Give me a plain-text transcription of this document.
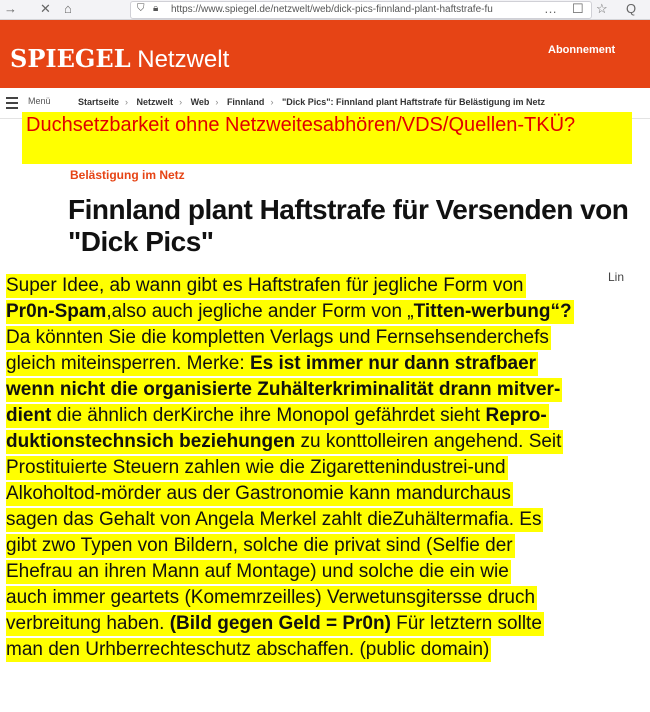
→ ✕ ⌂	⛉ 🔒︎ https://www.spiegel.de/netzwelt/web/dick-pics-finnland-plant-haftstrafe-fu	… ☐ ☆ Q
SPIEGEL Netzwelt	Abonnement
Menü	Startseite › Netzwelt › Web › Finnland › "Dick Pics": Finnland plant Haftstrafe für Belästigung im Netz
Duchsetzbarkeit ohne Netzweitesabhören/VDS/Quellen-TKÜ?
Belästigung im Netz
Finnland plant Haftstrafe für Versenden von
"Dick Pics"
Lin
Super Idee, ab wann gibt es Haftstrafen für jegliche Form von
Pr0n-Spam,also auch jegliche ander Form von „Titten-werbung“?
Da könnten Sie die kompletten Verlags und Fernsehsenderchefs
gleich miteinsperren. Merke: Es ist immer nur dann strafbaer
wenn nicht die organisierte Zuhälterkriminalität drann mitver-
dient die ähnlich derKirche ihre Monopol gefährdet sieht Repro-
duktionstechnsich beziehungen zu konttolleiren angehend. Seit
Prostituierte Steuern zahlen wie die Zigarettenindustrei-und
Alkoholtod-mörder aus der Gastronomie kann mandurchaus
sagen das Gehalt von Angela Merkel zahlt dieZuhältermafia. Es
gibt zwo Typen von Bildern, solche die privat sind (Selfie der
Ehefrau an ihren Mann auf Montage) und solche die ein wie
auch immer geartets (Komemrzeilles) Verwetunsgitersse druch
verbreitung haben. (Bild gegen Geld = Pr0n) Für letztern sollte
man den Urhberrechteschutz abschaffen. (public domain)
